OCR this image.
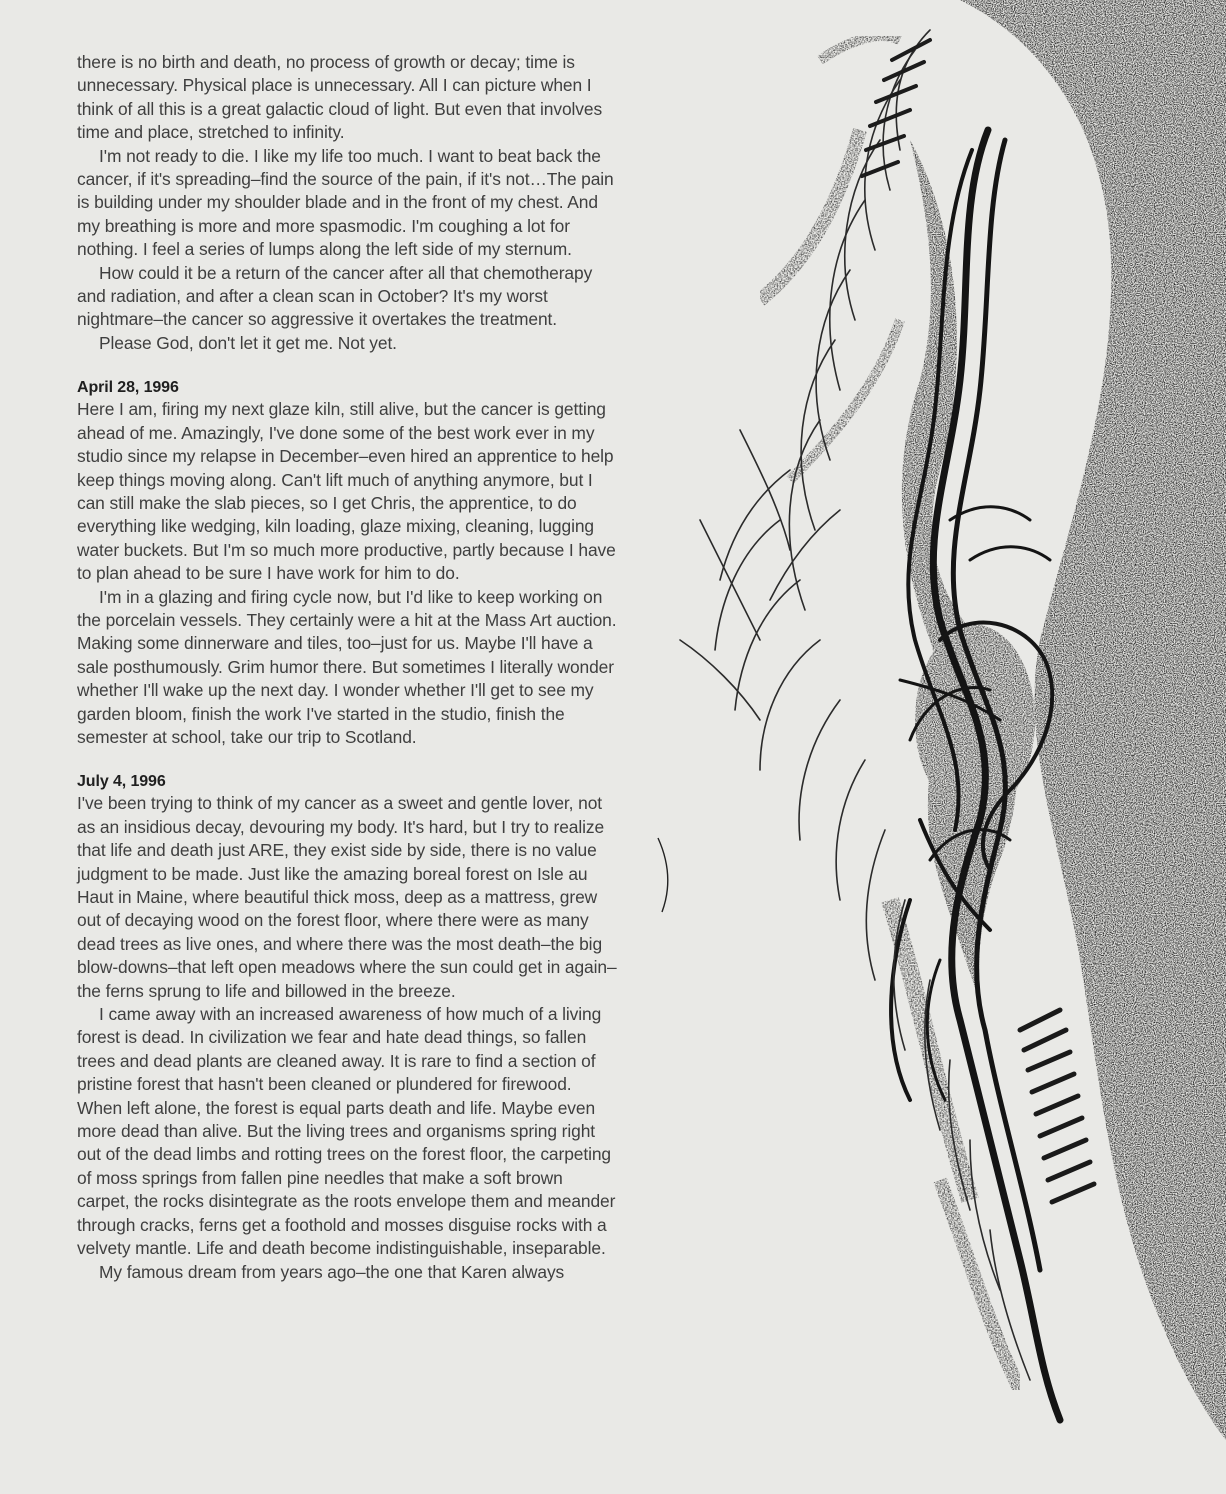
there is no birth and death, no process of growth or decay; time is unnecessary. Physical place is unnecessary. All I can picture when I think of all this is a great galactic cloud of light. But even that involves time and place, stretched to infinity.

I'm not ready to die. I like my life too much. I want to beat back the cancer, if it's spreading–find the source of the pain, if it's not…The pain is building under my shoulder blade and in the front of my chest. And my breathing is more and more spasmodic. I'm coughing a lot for nothing. I feel a series of lumps along the left side of my sternum.

How could it be a return of the cancer after all that chemotherapy and radiation, and after a clean scan in October? It's my worst nightmare–the cancer so aggressive it overtakes the treatment.

Please God, don't let it get me. Not yet.

April 28, 1996

Here I am, firing my next glaze kiln, still alive, but the cancer is getting ahead of me. Amazingly, I've done some of the best work ever in my studio since my relapse in December–even hired an apprentice to help keep things moving along. Can't lift much of anything anymore, but I can still make the slab pieces, so I get Chris, the apprentice, to do everything like wedging, kiln loading, glaze mixing, cleaning, lugging water buckets. But I'm so much more productive, partly because I have to plan ahead to be sure I have work for him to do.

I'm in a glazing and firing cycle now, but I'd like to keep working on the porcelain vessels. They certainly were a hit at the Mass Art auction. Making some dinnerware and tiles, too–just for us. Maybe I'll have a sale posthumously. Grim humor there. But sometimes I literally wonder whether I'll wake up the next day. I wonder whether I'll get to see my garden bloom, finish the work I've started in the studio, finish the semester at school, take our trip to Scotland.

July 4, 1996

I've been trying to think of my cancer as a sweet and gentle lover, not as an insidious decay, devouring my body. It's hard, but I try to realize that life and death just ARE, they exist side by side, there is no value judgment to be made. Just like the amazing boreal forest on Isle au Haut in Maine, where beautiful thick moss, deep as a mattress, grew out of decaying wood on the forest floor, where there were as many dead trees as live ones, and where there was the most death–the big blow-downs–that left open meadows where the sun could get in again–the ferns sprung to life and billowed in the breeze.

I came away with an increased awareness of how much of a living forest is dead. In civilization we fear and hate dead things, so fallen trees and dead plants are cleaned away. It is rare to find a section of pristine forest that hasn't been cleaned or plundered for firewood. When left alone, the forest is equal parts death and life. Maybe even more dead than alive. But the living trees and organisms spring right out of the dead limbs and rotting trees on the forest floor, the carpeting of moss springs from fallen pine needles that make a soft brown carpet, the rocks disintegrate as the roots envelope them and meander through cracks, ferns get a foothold and mosses disguise rocks with a velvety mantle. Life and death become indistinguishable, inseparable.

My famous dream from years ago–the one that Karen always
